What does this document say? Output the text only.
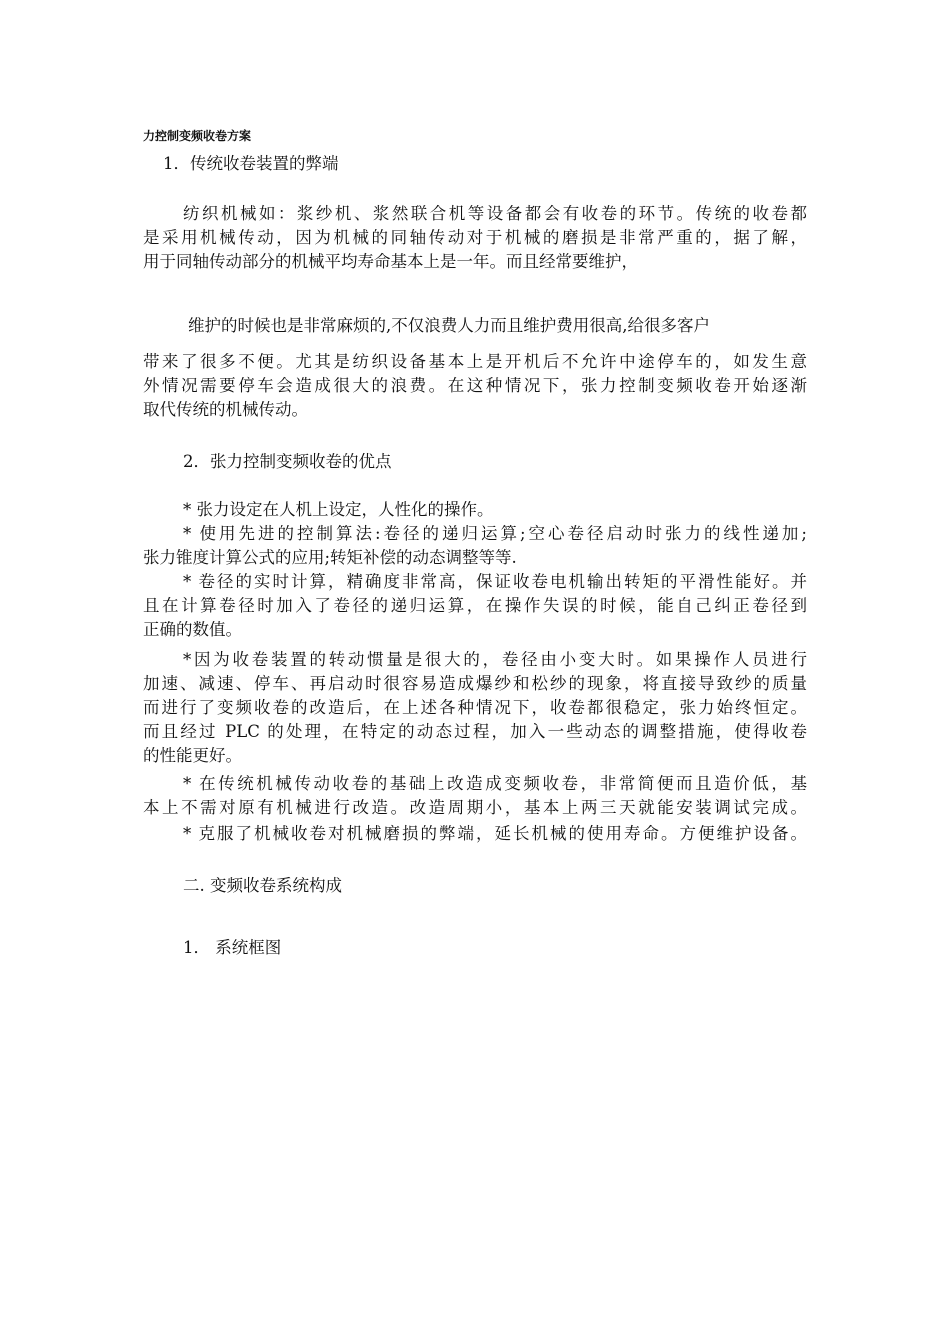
力控制变频收卷方案
1．传统收卷装置的弊端
纺织机械如：浆纱机、浆然联合机等设备都会有收卷的环节。传统的收卷都
是采用机械传动，因为机械的同轴传动对于机械的磨损是非常严重的，据了解，
用于同轴传动部分的机械平均寿命基本上是一年。而且经常要维护，
维护的时候也是非常麻烦的,不仅浪费人力而且维护费用很高,给很多客户
带来了很多不便。尤其是纺织设备基本上是开机后不允许中途停车的，如发生意
外情况需要停车会造成很大的浪费。在这种情况下，张力控制变频收卷开始逐渐
取代传统的机械传动。
2．张力控制变频收卷的优点
* 张力设定在人机上设定，人性化的操作。
* 使用先进的控制算法:卷径的递归运算;空心卷径启动时张力的线性递加;
张力锥度计算公式的应用;转矩补偿的动态调整等等.
* 卷径的实时计算，精确度非常高，保证收卷电机输出转矩的平滑性能好。并
且在计算卷径时加入了卷径的递归运算，在操作失误的时候，能自己纠正卷径到
正确的数值。
*因为收卷装置的转动惯量是很大的，卷径由小变大时。如果操作人员进行
加速、减速、停车、再启动时很容易造成爆纱和松纱的现象，将直接导致纱的质量
而进行了变频收卷的改造后，在上述各种情况下，收卷都很稳定，张力始终恒定。
而且经过 PLC 的处理，在特定的动态过程，加入一些动态的调整措施，使得收卷
的性能更好。
* 在传统机械传动收卷的基础上改造成变频收卷，非常简便而且造价低，基
本上不需对原有机械进行改造。改造周期小，基本上两三天就能安装调试完成。
* 克服了机械收卷对机械磨损的弊端，延长机械的使用寿命。方便维护设备。
二. 变频收卷系统构成
1． 系统框图
